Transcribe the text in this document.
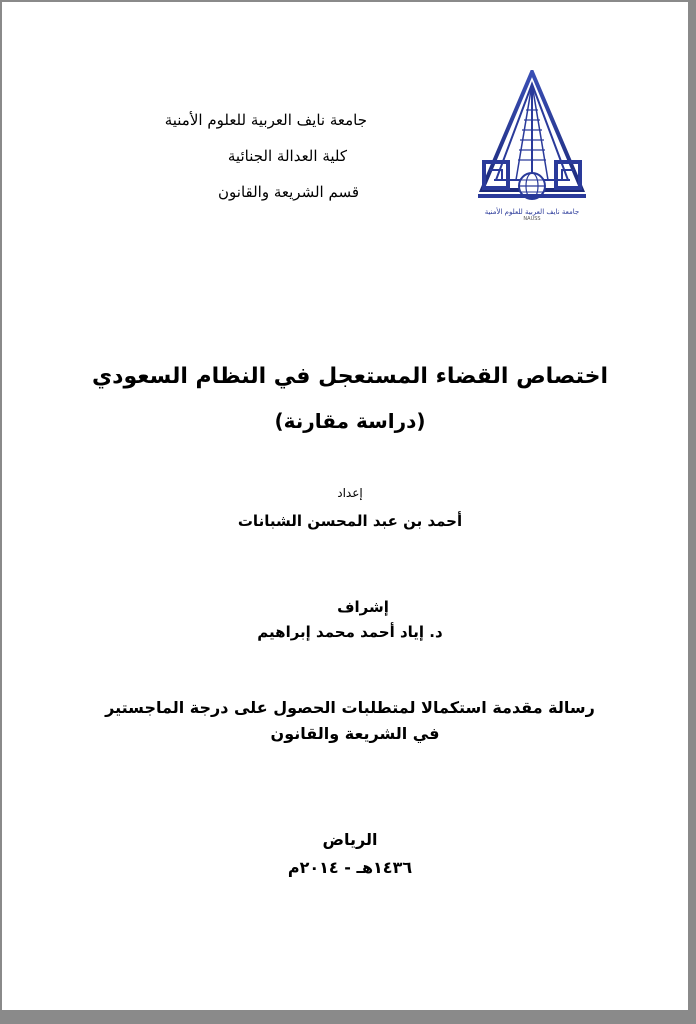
جامعة نايف العربية للعلوم الأمنية
كلية العدالة الجنائية
قسم الشريعة والقانون
جامعة نايف العربية للعلوم الأمنية
NAUSS
اختصاص القضاء المستعجل في النظام السعودي
(دراسة مقارنة)
إعداد
أحمد بن عبد المحسن الشبانات
إشراف
د. إياد أحمد محمد إبراهيم
رسالة مقدمة استكمالا لمتطلبات الحصول على درجة الماجستير
في الشريعة والقانون
الرياض
١٤٣٦هـ - ٢٠١٤م
